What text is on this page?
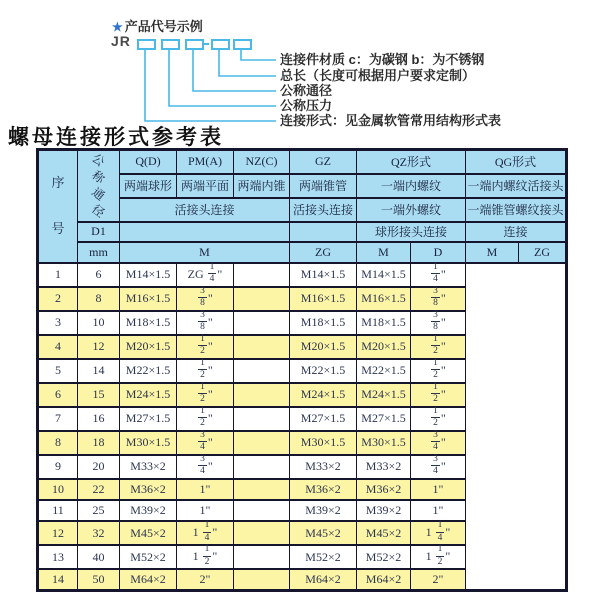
★ 产品代号示例
JR
连接件材质 c：为碳钢 b：为不锈钢
总长（长度可根据用户要求定制）
公称通径
公称压力
连接形式：见金属软管常用结构形式表
螺母连接形式参考表
序号	公
称
通
径	Q(D)	PM(A)	NZ(C)	GZ	QZ形式		QG形式	
		两端球形	两端平面	两端内锥	两端锥管	一端内螺纹		一端内螺纹活接头	
		活接头连接			活接头连接	一端外螺纹		一端锥管螺纹接头	
	D1					球形接头连接		连接	
	mm	M			ZG	M	D	M	ZG
1	6	M14×1.5	ZG $\frac{1}{4}$ "		M14×1.5	M14×1.5	$\frac{1}{4}$ "		
2	8	M16×1.5	$\frac{3}{8}$ "		M16×1.5	M16×1.5	$\frac{3}{8}$ "		
3	10	M18×1.5	$\frac{3}{8}$ "		M18×1.5	M18×1.5	$\frac{3}{8}$ "		
4	12	M20×1.5	$\frac{1}{2}$ "		M20×1.5	M20×1.5	$\frac{1}{2}$ "		
5	14	M22×1.5	$\frac{1}{2}$ "		M22×1.5	M22×1.5	$\frac{1}{2}$ "		
6	15	M24×1.5	$\frac{1}{2}$ "		M24×1.5	M24×1.5	$\frac{1}{2}$ "		
7	16	M27×1.5	$\frac{1}{2}$ "		M27×1.5	M27×1.5	$\frac{1}{2}$ "		
8	18	M30×1.5	$\frac{3}{4}$ "		M30×1.5	M30×1.5	$\frac{3}{4}$ "		
9	20	M33×2	$\frac{3}{4}$ "		M33×2	M33×2	$\frac{3}{4}$ "		
10	22	M36×2	1"		M36×2	M36×2	1"		
11	25	M39×2	1"		M39×2	M39×2	1"		
12	32	M45×2	$1 \frac{1}{4}$ "		M45×2	M45×2	$1 \frac{1}{4}$ "		
13	40	M52×2	$1 \frac{1}{2}$ "		M52×2	M52×2	$1 \frac{1}{2}$ "		
14	50	M64×2	2"		M64×2	M64×2	2"		
